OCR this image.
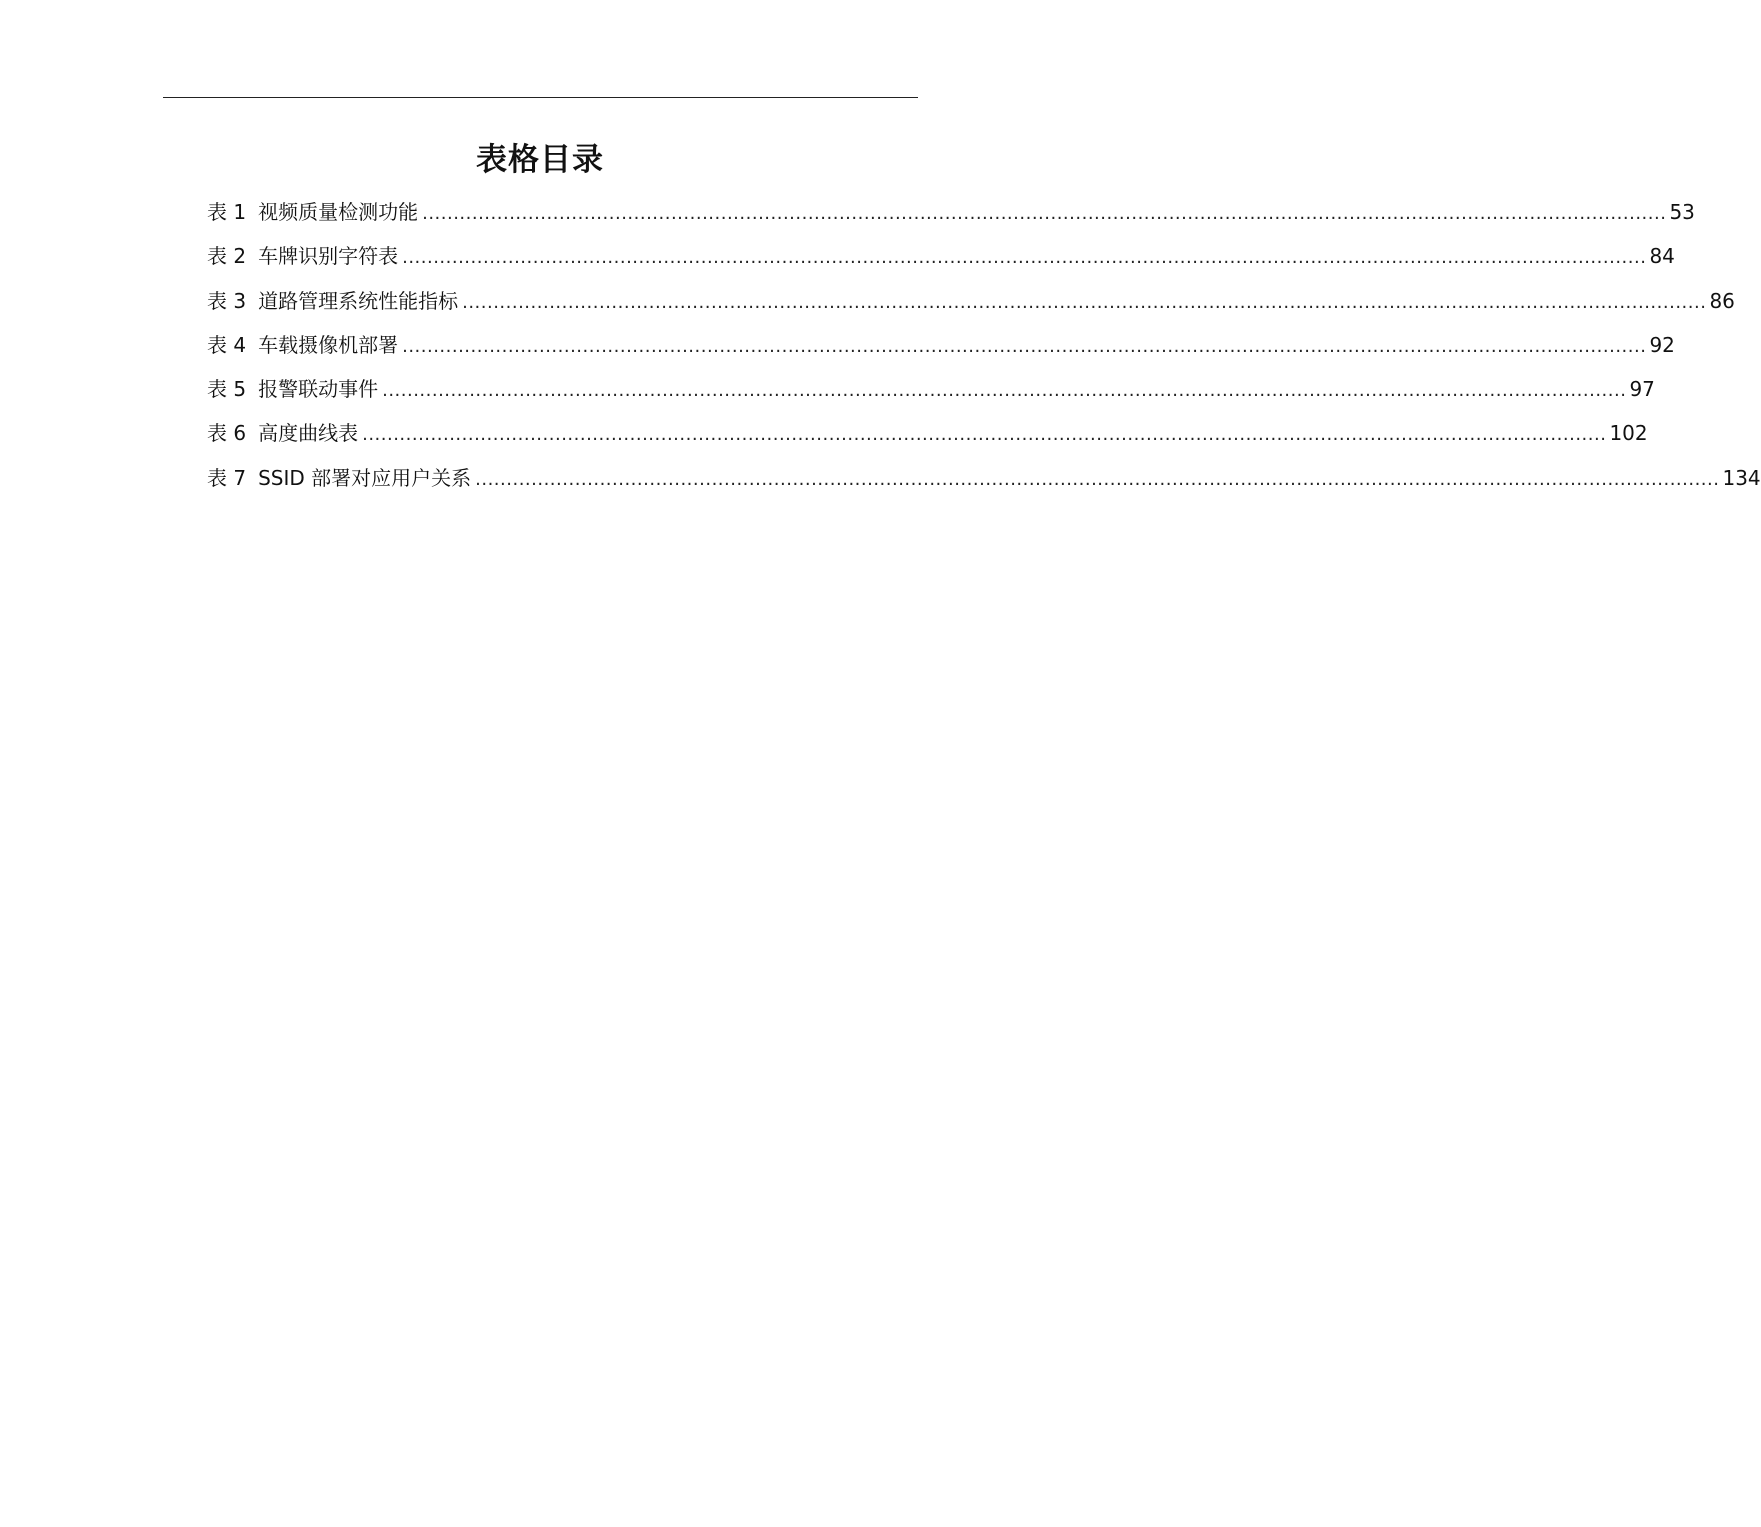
表格目录
表 1 视频质量检测功能 ........................................................................................................................................................................................................ 53
表 2 车牌识别字符表 ........................................................................................................................................................................................................ 84
表 3 道路管理系统性能指标 ........................................................................................................................................................................................................ 86
表 4 车载摄像机部署 ........................................................................................................................................................................................................ 92
表 5 报警联动事件 ........................................................................................................................................................................................................ 97
表 6 高度曲线表 ........................................................................................................................................................................................................ 102
表 7 SSID 部署对应用户关系 ........................................................................................................................................................................................................ 134
